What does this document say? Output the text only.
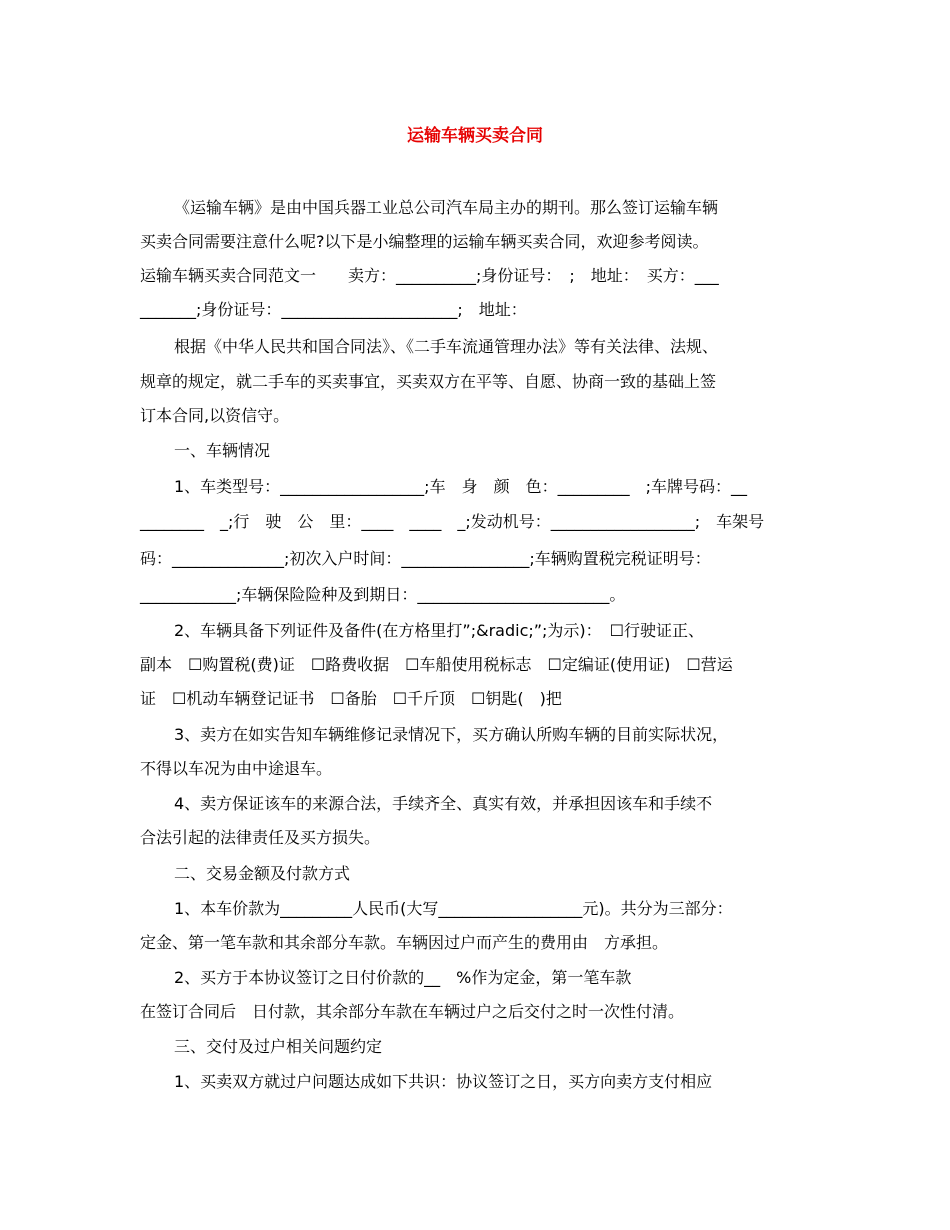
运输车辆买卖合同
《运输车辆》是由中国兵器工业总公司汽车局主办的期刊。那么签订运输车辆
买卖合同需要注意什么呢?以下是小编整理的运输车辆买卖合同，欢迎参考阅读。
运输车辆买卖合同范文一　　卖方：__________;身份证号：　;　地址：　买方：___
_______;身份证号：______________________;　地址：
根据《中华人民共和国合同法》、《二手车流通管理办法》等有关法律、法规、
规章的规定，就二手车的买卖事宜，买卖双方在平等、自愿、协商一致的基础上签
订本合同,以资信守。
一、车辆情况
1、车类型号：__________________;车　身　颜　色：_________　;车牌号码：__
________　_;行　驶　公　里：____　____　_;发动机号：__________________;　车架号
码：______________;初次入户时间：________________;车辆购置税完税证明号：
____________;车辆保险险种及到期日：________________________。
2、车辆具备下列证件及备件(在方格里打”;&radic;”;为示)：　☐行驶证正、
副本　☐购置税(费)证　☐路费收据　☐车船使用税标志　☐定编证(使用证)　☐营运
证　☐机动车辆登记证书　☐备胎　☐千斤顶　☐钥匙(　)把
3、卖方在如实告知车辆维修记录情况下，买方确认所购车辆的目前实际状况，
不得以车况为由中途退车。
4、卖方保证该车的来源合法，手续齐全、真实有效，并承担因该车和手续不
合法引起的法律责任及买方损失。
二、交易金额及付款方式
1、本车价款为_________人民币(大写__________________元)。共分为三部分：
定金、第一笔车款和其余部分车款。车辆因过户而产生的费用由　方承担。
2、买方于本协议签订之日付价款的__　%作为定金，第一笔车款
在签订合同后　日付款，其余部分车款在车辆过户之后交付之时一次性付清。
三、交付及过户相关问题约定
1、买卖双方就过户问题达成如下共识：协议签订之日，买方向卖方支付相应
